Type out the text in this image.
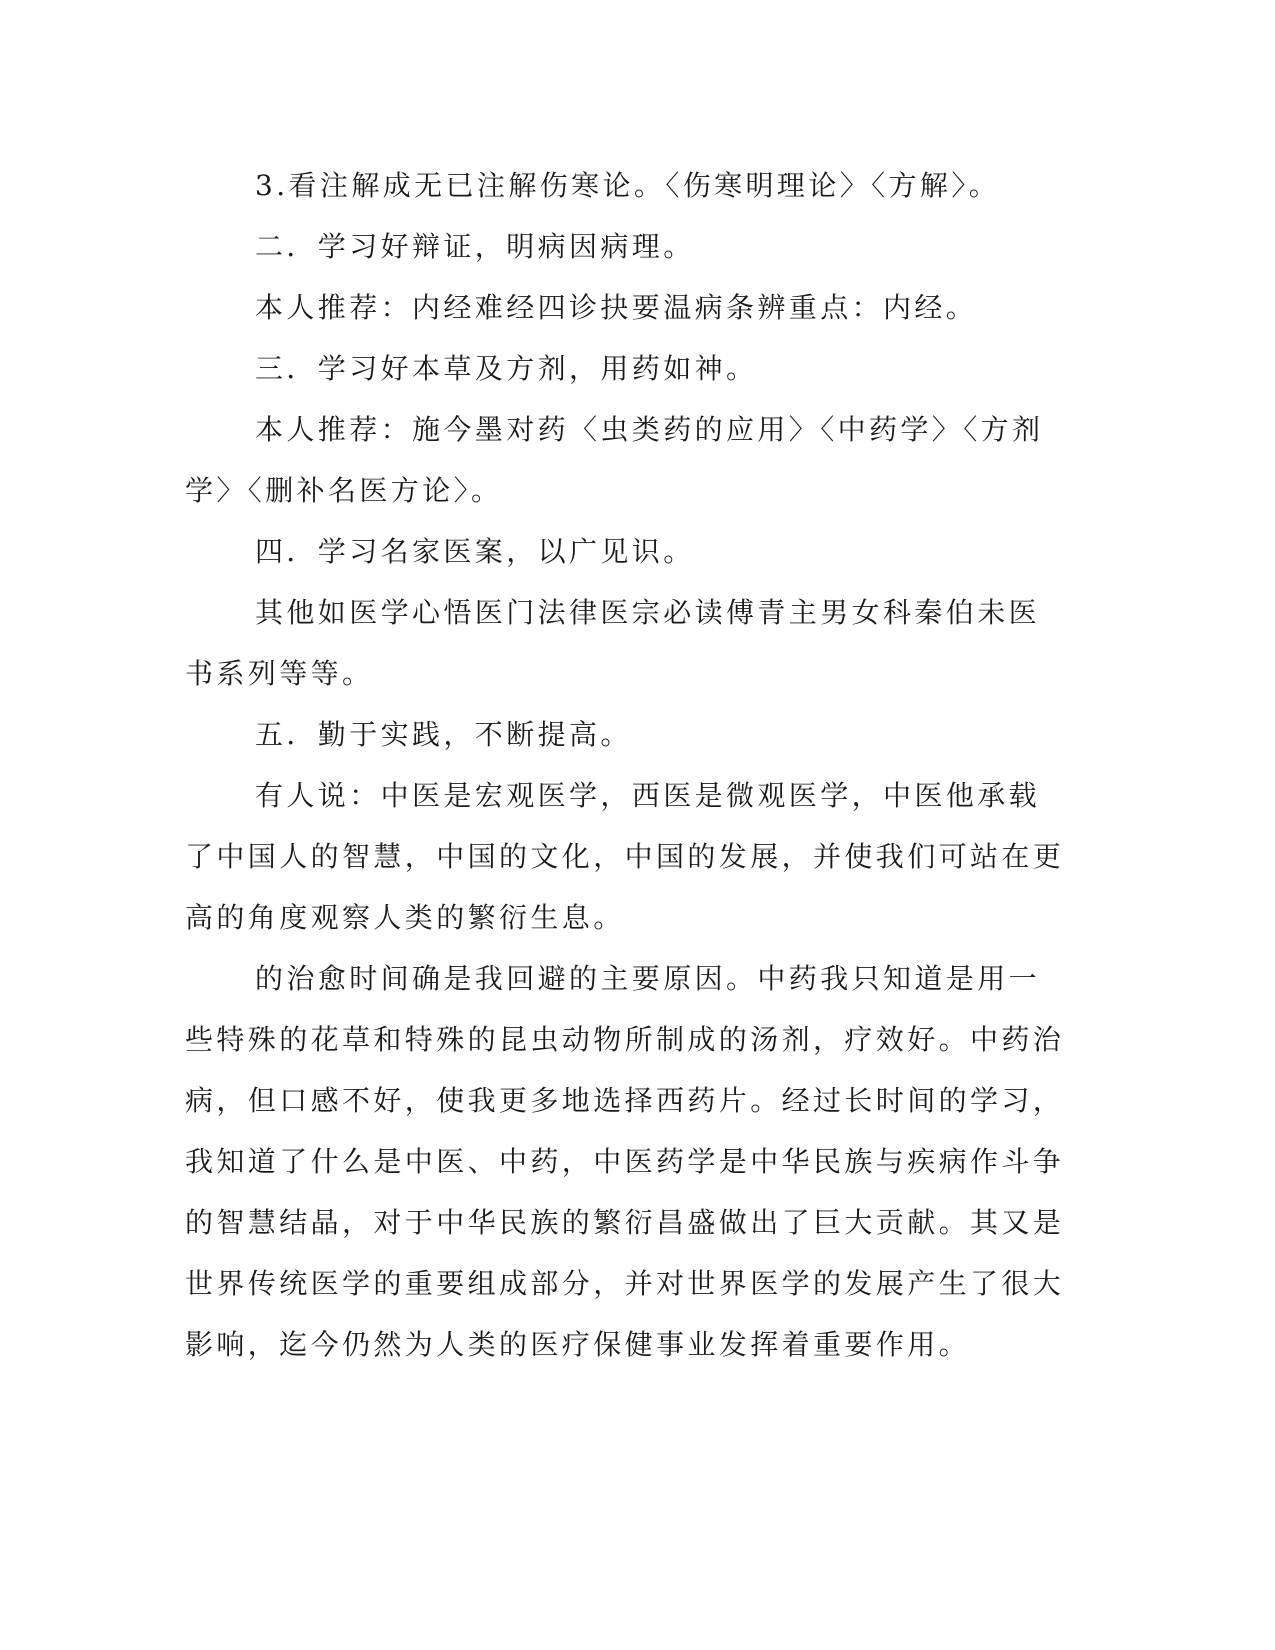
3.看注解成无已注解伤寒论。〈伤寒明理论〉〈方解〉。

二．学习好辩证，明病因病理。

本人推荐：内经难经四诊抉要温病条辨重点：内经。

三．学习好本草及方剂，用药如神。

本人推荐：施今墨对药〈虫类药的应用〉〈中药学〉〈方剂学〉〈删补名医方论〉。

四．学习名家医案，以广见识。

其他如医学心悟医门法律医宗必读傅青主男女科秦伯未医书系列等等。

五．勤于实践，不断提高。

有人说：中医是宏观医学，西医是微观医学，中医他承载了中国人的智慧，中国的文化，中国的发展，并使我们可站在更高的角度观察人类的繁衍生息。

的治愈时间确是我回避的主要原因。中药我只知道是用一些特殊的花草和特殊的昆虫动物所制成的汤剂，疗效好。中药治病，但口感不好，使我更多地选择西药片。经过长时间的学习，我知道了什么是中医、中药，中医药学是中华民族与疾病作斗争的智慧结晶，对于中华民族的繁衍昌盛做出了巨大贡献。其又是世界传统医学的重要组成部分，并对世界医学的发展产生了很大影响，迄今仍然为人类的医疗保健事业发挥着重要作用。
